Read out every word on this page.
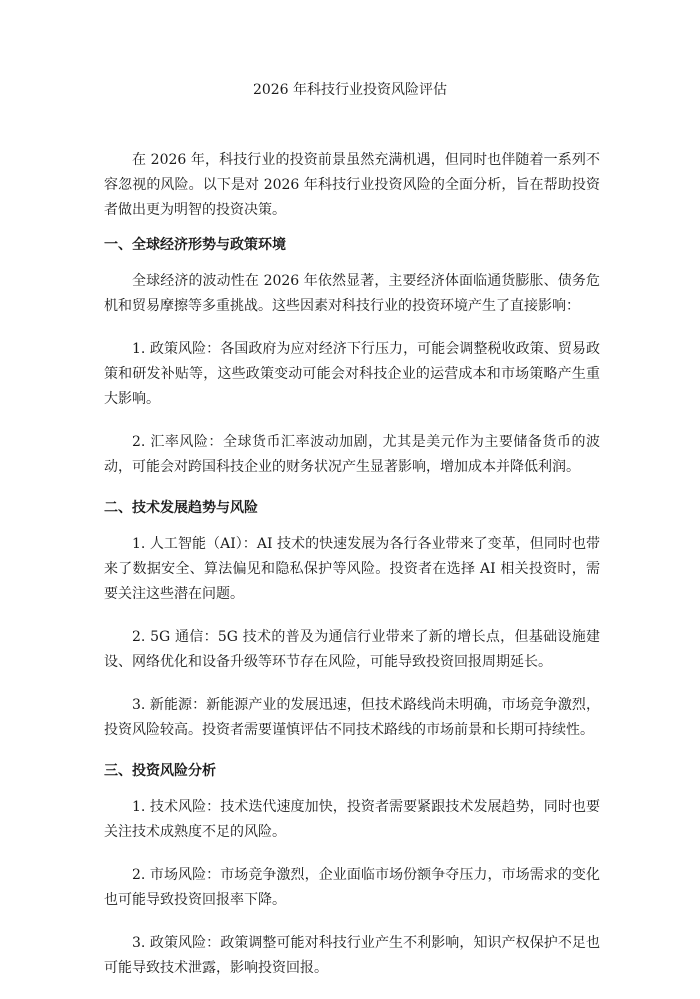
2026 年科技行业投资风险评估

在 2026 年，科技行业的投资前景虽然充满机遇，但同时也伴随着一系列不容忽视的风险。以下是对 2026 年科技行业投资风险的全面分析，旨在帮助投资者做出更为明智的投资决策。

一、全球经济形势与政策环境

全球经济的波动性在 2026 年依然显著，主要经济体面临通货膨胀、债务危机和贸易摩擦等多重挑战。这些因素对科技行业的投资环境产生了直接影响：

1. 政策风险：各国政府为应对经济下行压力，可能会调整税收政策、贸易政策和研发补贴等，这些政策变动可能会对科技企业的运营成本和市场策略产生重大影响。

2. 汇率风险：全球货币汇率波动加剧，尤其是美元作为主要储备货币的波动，可能会对跨国科技企业的财务状况产生显著影响，增加成本并降低利润。

二、技术发展趋势与风险

1. 人工智能（AI）：AI 技术的快速发展为各行各业带来了变革，但同时也带来了数据安全、算法偏见和隐私保护等风险。投资者在选择 AI 相关投资时，需要关注这些潜在问题。

2. 5G 通信：5G 技术的普及为通信行业带来了新的增长点，但基础设施建设、网络优化和设备升级等环节存在风险，可能导致投资回报周期延长。

3. 新能源：新能源产业的发展迅速，但技术路线尚未明确，市场竞争激烈，投资风险较高。投资者需要谨慎评估不同技术路线的市场前景和长期可持续性。

三、投资风险分析

1. 技术风险：技术迭代速度加快，投资者需要紧跟技术发展趋势，同时也要关注技术成熟度不足的风险。

2. 市场风险：市场竞争激烈，企业面临市场份额争夺压力，市场需求的变化也可能导致投资回报率下降。

3. 政策风险：政策调整可能对科技行业产生不利影响，知识产权保护不足也可能导致技术泄露，影响投资回报。
